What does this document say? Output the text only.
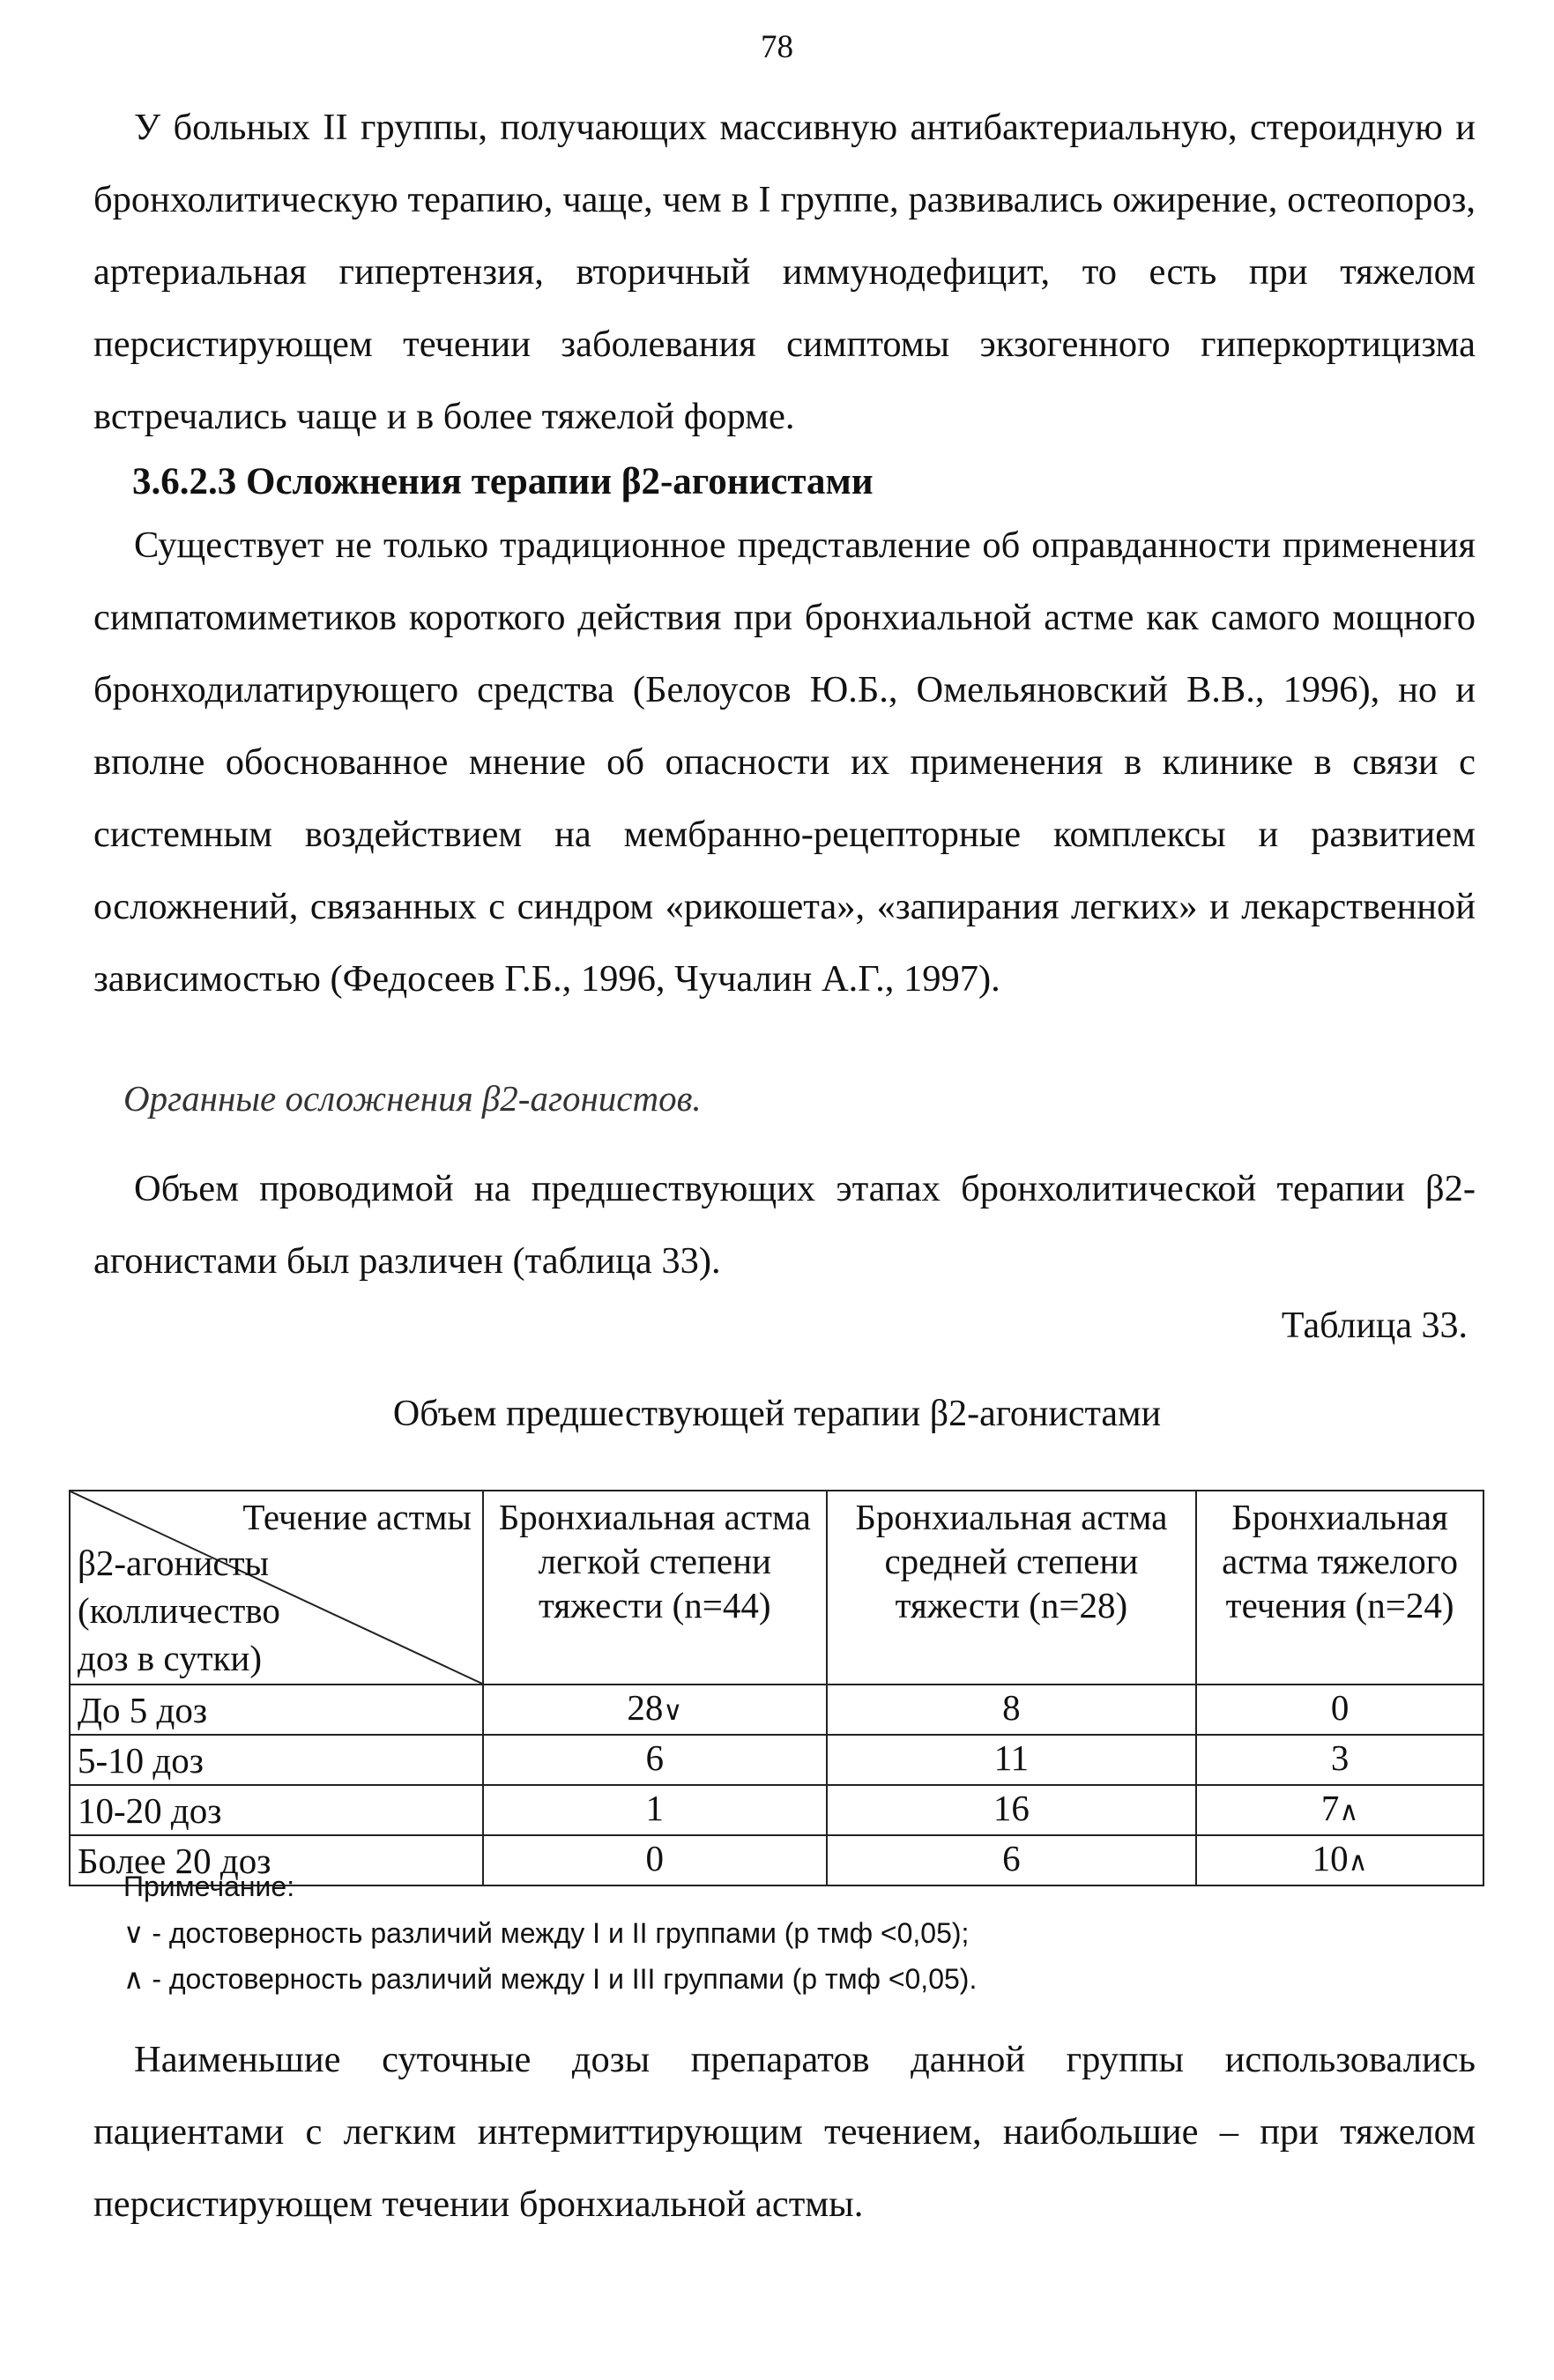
78

У больных II группы, получающих массивную антибактериальную, стероидную и бронхолитическую терапию, чаще, чем в I группе, развивались ожирение, остеопороз, артериальная гипертензия, вторичный иммунодефицит, то есть при тяжелом персистирующем течении заболевания симптомы экзогенного гиперкортицизма встречались чаще и в более тяжелой форме.

3.6.2.3 Осложнения терапии β2-агонистами

Существует не только традиционное представление об оправданности применения симпатомиметиков короткого действия при бронхиальной астме как самого мощного бронходилатирующего средства (Белоусов Ю.Б., Омельяновский В.В., 1996), но и вполне обоснованное мнение об опасности их применения в клинике в связи с системным воздействием на мембранно-рецепторные комплексы и развитием осложнений, связанных с синдром «рикошета», «запирания легких» и лекарственной зависимостью (Федосеев Г.Б., 1996, Чучалин А.Г., 1997).

Органные осложнения β2-агонистов.

Объем проводимой на предшествующих этапах бронхолитической терапии β2-агонистами был различен (таблица 33).

Таблица 33.

Объем предшествующей терапии β2-агонистами

Течение астмы
β2-агонисты
(колличество
доз в сутки)	Бронхиальная астма легкой степени тяжести (n=44)	Бронхиальная астма средней степени тяжести (n=28)	Бронхиальная астма тяжелого течения (n=24)
До 5 доз	28∨	8	0
5-10 доз	6	11	3
10-20 доз	1	16	7∧
Более 20 доз	0	6	10∧

Примечание:

∨ - достоверность различий между I и II группами (р тмф <0,05);

∧ - достоверность различий между I и III группами (р тмф <0,05).

Наименьшие суточные дозы препаратов данной группы использовались пациентами с легким интермиттирующим течением, наибольшие – при тяжелом персистирующем течении бронхиальной астмы.
